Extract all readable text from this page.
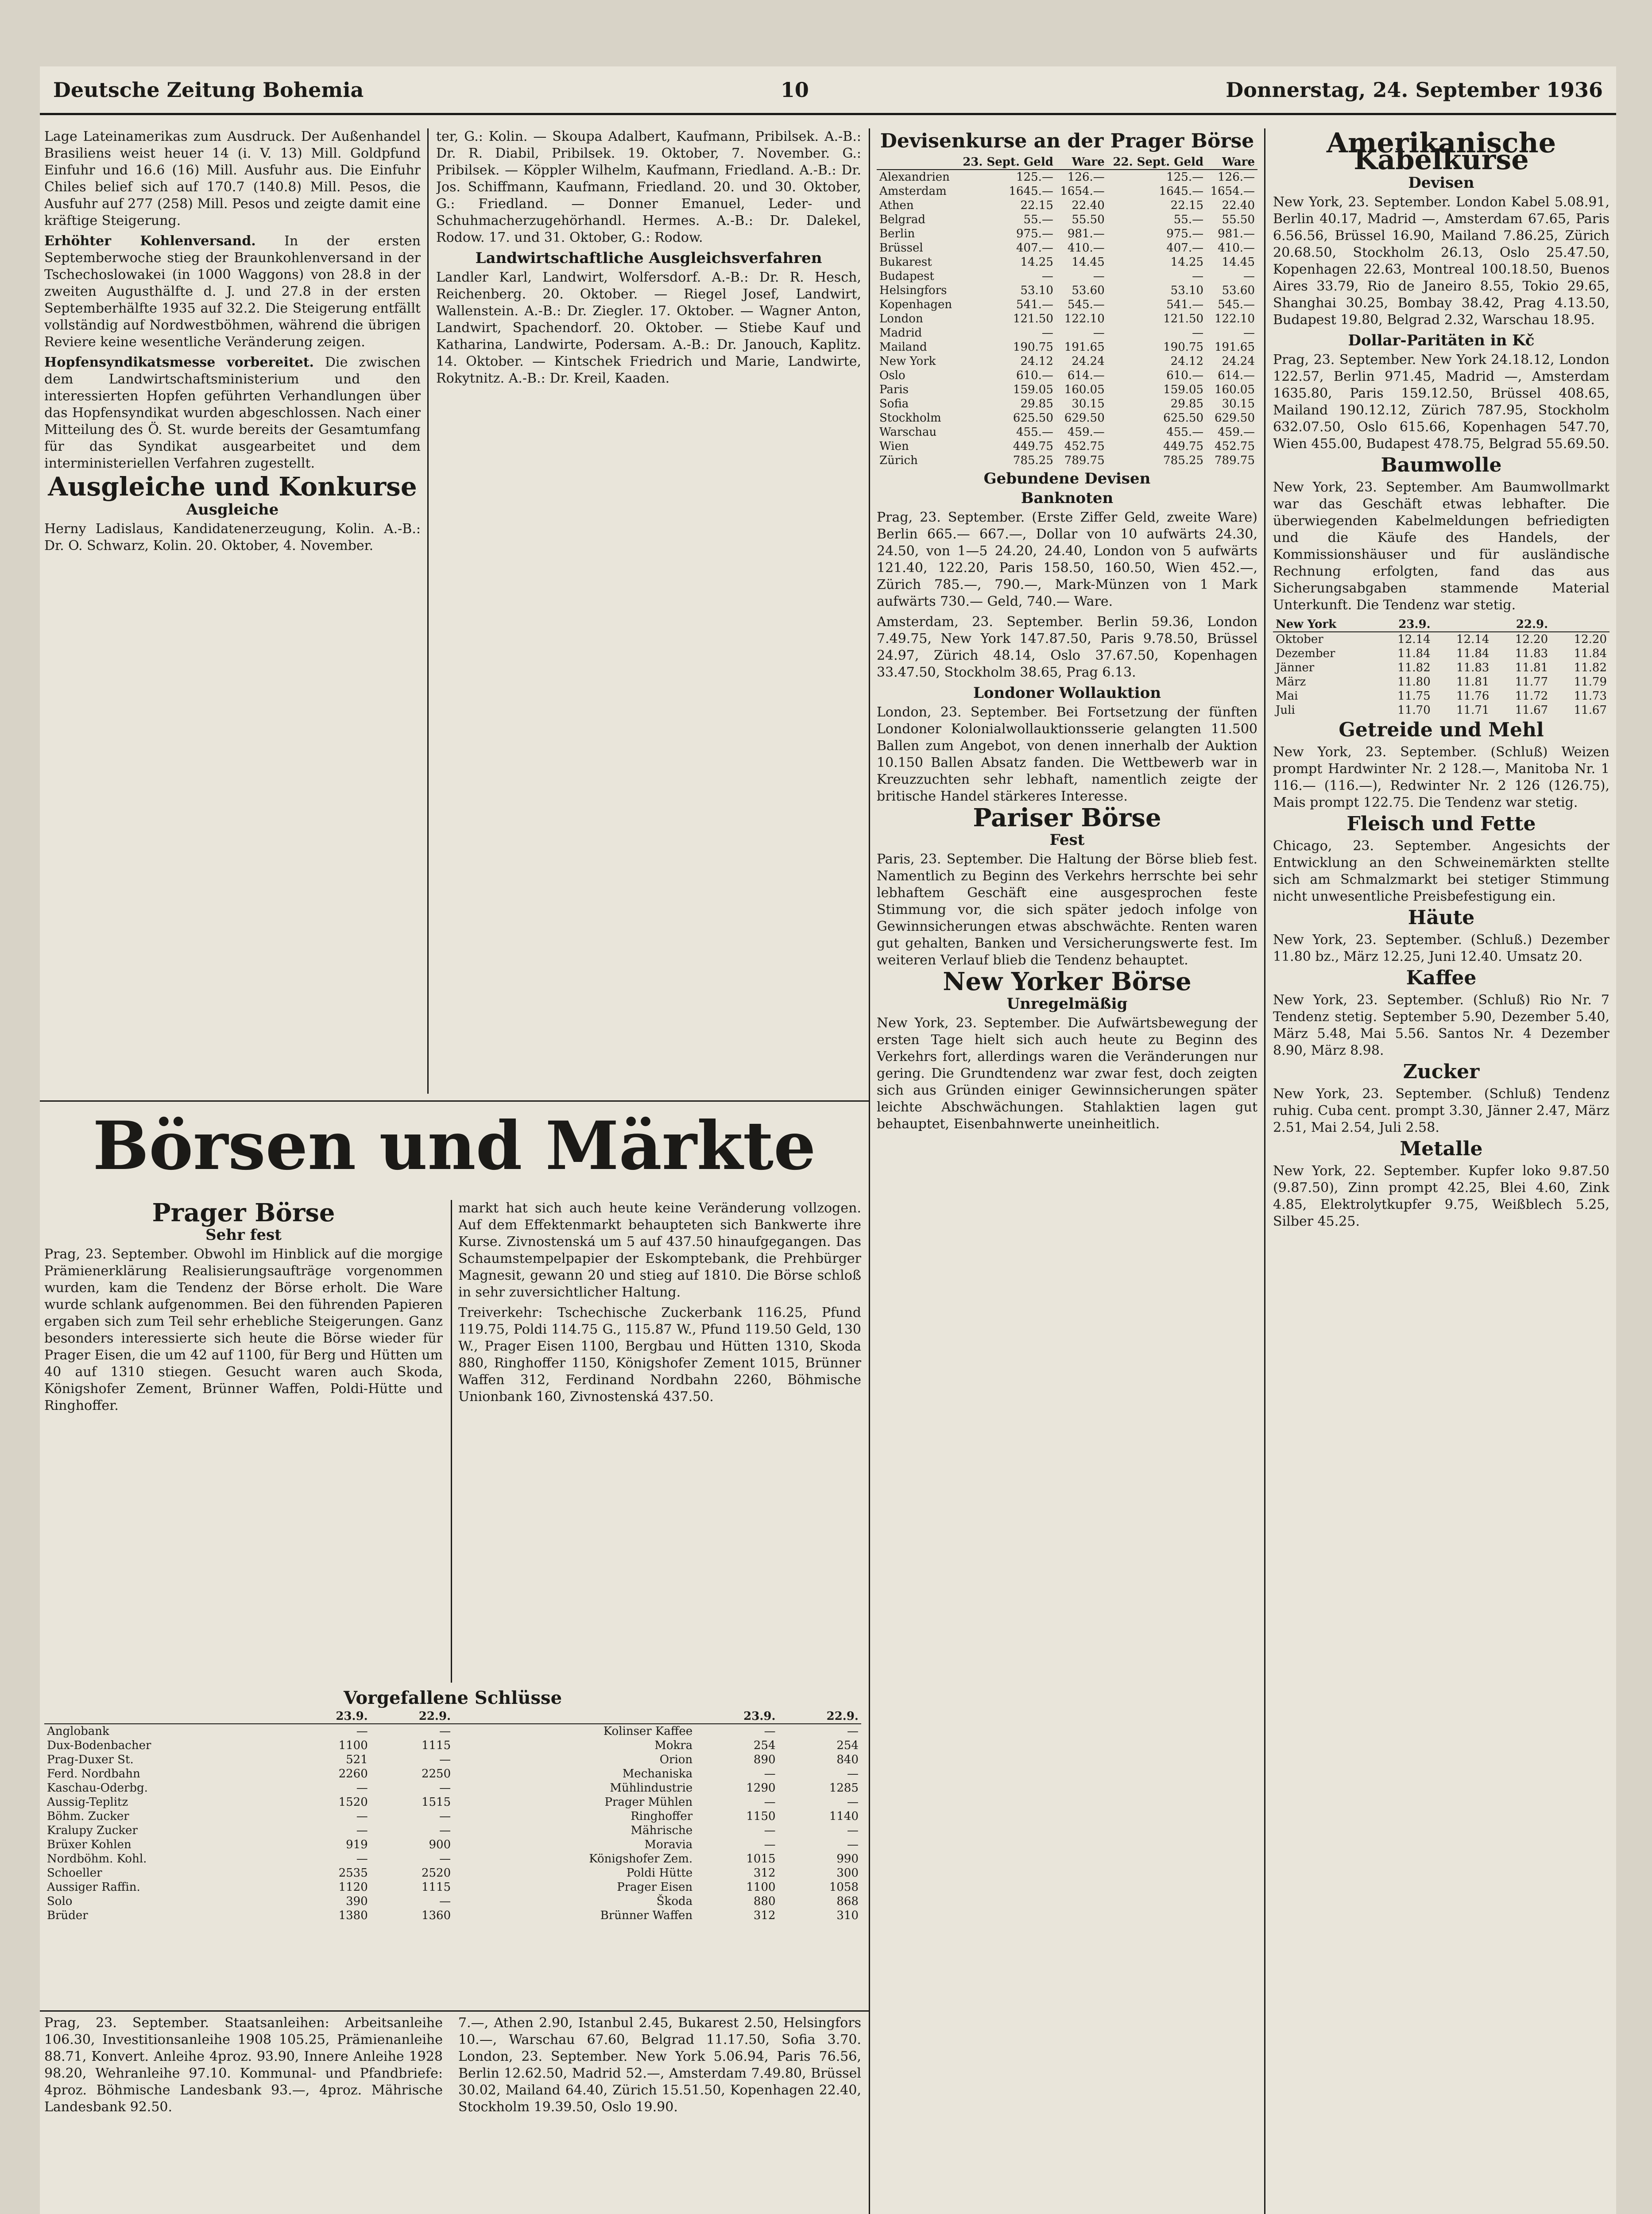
Deutsche Zeitung Bohemia	10	Donnerstag, 24. September 1936

Lage Lateinamerikas zum Ausdruck. Der Außenhandel Brasiliens weist heuer 14 (i. V. 13) Mill. Goldpfund Einfuhr und 16.6 (16) Mill. Ausfuhr aus. Die Einfuhr Chiles belief sich auf 170.7 (140.8) Mill. Pesos, die Ausfuhr auf 277 (258) Mill. Pesos und zeigte damit eine kräftige Steigerung.

Erhöhter Kohlenversand. In der ersten Septemberwoche stieg der Braunkohlenversand in der Tschechoslowakei (in 1000 Waggons) von 28.8 in der zweiten Augusthälfte d. J. und 27.8 in der ersten Septemberhälfte 1935 auf 32.2. Die Steigerung entfällt vollständig auf Nordwestböhmen, während die übrigen Reviere keine wesentliche Veränderung zeigen.

Hopfensyndikatsmesse vorbereitet. Die zwischen dem Landwirtschaftsministerium und den interessierten Hopfen geführten Verhandlungen über das Hopfensyndikat wurden abgeschlossen. Nach einer Mitteilung des Ö. St. wurde bereits der Gesamtumfang für das Syndikat ausgearbeitet und dem interministeriellen Verfahren zugestellt.

Ausgleiche und Konkurse
Ausgleiche

Herny Ladislaus, Kandidatenerzeugung, Kolin. A.-B.: Dr. O. Schwarz, Kolin. 20. Oktober, 4. November.

ter, G.: Kolin. — Skoupa Adalbert, Kaufmann, Pribilsek. A.-B.: Dr. R. Diabil, Pribilsek. 19. Oktober, 7. November. G.: Pribilsek. — Köppler Wilhelm, Kaufmann, Friedland. A.-B.: Dr. Jos. Schiffmann, Kaufmann, Friedland. 20. und 30. Oktober, G.: Friedland. — Donner Emanuel, Leder- und Schuhmacherzugehörhandl. Hermes. A.-B.: Dr. Dalekel, Rodow. 17. und 31. Oktober, G.: Rodow.

Landwirtschaftliche Ausgleichsverfahren

Landler Karl, Landwirt, Wolfersdorf. A.-B.: Dr. R. Hesch, Reichenberg. 20. Oktober. — Riegel Josef, Landwirt, Wallenstein. A.-B.: Dr. Ziegler. 17. Oktober. — Wagner Anton, Landwirt, Spachendorf. 20. Oktober. — Stiebe Kauf und Katharina, Landwirte, Podersam. A.-B.: Dr. Janouch, Kaplitz. 14. Oktober. — Kintschek Friedrich und Marie, Landwirte, Rokytnitz. A.-B.: Dr. Kreil, Kaaden.

Devisenkurse an der Prager Börse
	23. Sept. Geld	Ware	22. Sept. Geld	Ware
Alexandrien	125.—	126.—	125.—	126.—
Amsterdam	1645.—	1654.—	1645.—	1654.—
Athen	22.15	22.40	22.15	22.40
Belgrad	55.—	55.50	55.—	55.50
Berlin	975.—	981.—	975.—	981.—
Brüssel	407.—	410.—	407.—	410.—
Bukarest	14.25	14.45	14.25	14.45
Budapest	—	—	—	—
Helsingfors	53.10	53.60	53.10	53.60
Kopenhagen	541.—	545.—	541.—	545.—
London	121.50	122.10	121.50	122.10
Madrid	—	—	—	—
Mailand	190.75	191.65	190.75	191.65
New York	24.12	24.24	24.12	24.24
Oslo	610.—	614.—	610.—	614.—
Paris	159.05	160.05	159.05	160.05
Sofia	29.85	30.15	29.85	30.15
Stockholm	625.50	629.50	625.50	629.50
Warschau	455.—	459.—	455.—	459.—
Wien	449.75	452.75	449.75	452.75
Zürich	785.25	789.75	785.25	789.75
Gebundene Devisen
Banknoten

Prag, 23. September. (Erste Ziffer Geld, zweite Ware) Berlin 665.— 667.—, Dollar von 10 aufwärts 24.30, 24.50, von 1—5 24.20, 24.40, London von 5 aufwärts 121.40, 122.20, Paris 158.50, 160.50, Wien 452.—, Zürich 785.—, 790.—, Mark-Münzen von 1 Mark aufwärts 730.— Geld, 740.— Ware.

Amsterdam, 23. September. Berlin 59.36, London 7.49.75, New York 147.87.50, Paris 9.78.50, Brüssel 24.97, Zürich 48.14, Oslo 37.67.50, Kopenhagen 33.47.50, Stockholm 38.65, Prag 6.13.

Londoner Wollauktion

London, 23. September. Bei Fortsetzung der fünften Londoner Kolonialwollauktionsserie gelangten 11.500 Ballen zum Angebot, von denen innerhalb der Auktion 10.150 Ballen Absatz fanden. Die Wettbewerb war in Kreuzzuchten sehr lebhaft, namentlich zeigte der britische Handel stärkeres Interesse.

Pariser Börse
Fest

Paris, 23. September. Die Haltung der Börse blieb fest. Namentlich zu Beginn des Verkehrs herrschte bei sehr lebhaftem Geschäft eine ausgesprochen feste Stimmung vor, die sich später jedoch infolge von Gewinnsicherungen etwas abschwächte. Renten waren gut gehalten, Banken und Versicherungswerte fest. Im weiteren Verlauf blieb die Tendenz behauptet.

New Yorker Börse
Unregelmäßig

New York, 23. September. Die Aufwärtsbewegung der ersten Tage hielt sich auch heute zu Beginn des Verkehrs fort, allerdings waren die Veränderungen nur gering. Die Grundtendenz war zwar fest, doch zeigten sich aus Gründen einiger Gewinnsicherungen später leichte Abschwächungen. Stahlaktien lagen gut behauptet, Eisenbahnwerte uneinheitlich.

Amerikanische Kabelkurse
Devisen

New York, 23. September. London Kabel 5.08.91, Berlin 40.17, Madrid —, Amsterdam 67.65, Paris 6.56.56, Brüssel 16.90, Mailand 7.86.25, Zürich 20.68.50, Stockholm 26.13, Oslo 25.47.50, Kopenhagen 22.63, Montreal 100.18.50, Buenos Aires 33.79, Rio de Janeiro 8.55, Tokio 29.65, Shanghai 30.25, Bombay 38.42, Prag 4.13.50, Budapest 19.80, Belgrad 2.32, Warschau 18.95.

Dollar-Paritäten in Kč

Prag, 23. September. New York 24.18.12, London 122.57, Berlin 971.45, Madrid —, Amsterdam 1635.80, Paris 159.12.50, Brüssel 408.65, Mailand 190.12.12, Zürich 787.95, Stockholm 632.07.50, Oslo 615.66, Kopenhagen 547.70, Wien 455.00, Budapest 478.75, Belgrad 55.69.50.

Baumwolle

New York, 23. September. Am Baumwollmarkt war das Geschäft etwas lebhafter. Die überwiegenden Kabelmeldungen befriedigten und die Käufe des Handels, der Kommissionshäuser und für ausländische Rechnung erfolgten, fand das aus Sicherungsabgaben stammende Material Unterkunft. Die Tendenz war stetig.

New York	23.9.		22.9.	
Oktober	12.14	12.14	12.20	12.20
Dezember	11.84	11.84	11.83	11.84
Jänner	11.82	11.83	11.81	11.82
März	11.80	11.81	11.77	11.79
Mai	11.75	11.76	11.72	11.73
Juli	11.70	11.71	11.67	11.67
Getreide und Mehl

New York, 23. September. (Schluß) Weizen prompt Hardwinter Nr. 2 128.—, Manitoba Nr. 1 116.— (116.—), Redwinter Nr. 2 126 (126.75), Mais prompt 122.75. Die Tendenz war stetig.

Fleisch und Fette

Chicago, 23. September. Angesichts der Entwicklung an den Schweinemärkten stellte sich am Schmalzmarkt bei stetiger Stimmung nicht unwesentliche Preisbefestigung ein.

Häute

New York, 23. September. (Schluß.) Dezember 11.80 bz., März 12.25, Juni 12.40. Umsatz 20.

Kaffee

New York, 23. September. (Schluß) Rio Nr. 7 Tendenz stetig. September 5.90, Dezember 5.40, März 5.48, Mai 5.56. Santos Nr. 4 Dezember 8.90, März 8.98.

Zucker

New York, 23. September. (Schluß) Tendenz ruhig. Cuba cent. prompt 3.30, Jänner 2.47, März 2.51, Mai 2.54, Juli 2.58.

Metalle

New York, 22. September. Kupfer loko 9.87.50 (9.87.50), Zinn prompt 42.25, Blei 4.60, Zink 4.85, Elektrolytkupfer 9.75, Weißblech 5.25, Silber 45.25.

Börsen und Märkte
Prager Börse
Sehr fest

Prag, 23. September. Obwohl im Hinblick auf die morgige Prämienerklärung Realisierungsaufträge vorgenommen wurden, kam die Tendenz der Börse erholt. Die Ware wurde schlank aufgenommen. Bei den führenden Papieren ergaben sich zum Teil sehr erhebliche Steigerungen. Ganz besonders interessierte sich heute die Börse wieder für Prager Eisen, die um 42 auf 1100, für Berg und Hütten um 40 auf 1310 stiegen. Gesucht waren auch Skoda, Königshofer Zement, Brünner Waffen, Poldi-Hütte und Ringhoffer.

markt hat sich auch heute keine Veränderung vollzogen. Auf dem Effektenmarkt behaupteten sich Bankwerte ihre Kurse. Zivnostenská um 5 auf 437.50 hinaufgegangen. Das Schaumstempelpapier der Eskomptebank, die Prehbürger Magnesit, gewann 20 und stieg auf 1810. Die Börse schloß in sehr zuversichtlicher Haltung.

Treiverkehr: Tschechische Zuckerbank 116.25, Pfund 119.75, Poldi 114.75 G., 115.87 W., Pfund 119.50 Geld, 130 W., Prager Eisen 1100, Bergbau und Hütten 1310, Skoda 880, Ringhoffer 1150, Königshofer Zement 1015, Brünner Waffen 312, Ferdinand Nordbahn 2260, Böhmische Unionbank 160, Zivnostenská 437.50.

Vorgefallene Schlüsse
	23.9.	22.9.		23.9.	22.9.
Anglobank	—	—	Kolinser Kaffee	—	—
Dux-Bodenbacher	1100	1115	Mokra	254	254
Prag-Duxer St.	521	—	Orion	890	840
Ferd. Nordbahn	2260	2250	Mechaniska	—	—
Kaschau-Oderbg.	—	—	Mühlindustrie	1290	1285
Aussig-Teplitz	1520	1515	Prager Mühlen	—	—
Böhm. Zucker	—	—	Ringhoffer	1150	1140
Kralupy Zucker	—	—	Mährische	—	—
Brüxer Kohlen	919	900	Moravia	—	—
Nordböhm. Kohl.	—	—	Königshofer Zem.	1015	990
Schoeller	2535	2520	Poldi Hütte	312	300
Aussiger Raffin.	1120	1115	Prager Eisen	1100	1058
Solo	390	—	Škoda	880	868
Brüder	1380	1360	Brünner Waffen	312	310

Prag, 23. September. Staatsanleihen: Arbeitsanleihe 106.30, Investitionsanleihe 1908 105.25, Prämienanleihe 88.71, Konvert. Anleihe 4proz. 93.90, Innere Anleihe 1928 98.20, Wehranleihe 97.10. Kommunal- und Pfandbriefe: 4proz. Böhmische Landesbank 93.—, 4proz. Mährische Landesbank 92.50.

7.—, Athen 2.90, Istanbul 2.45, Bukarest 2.50, Helsingfors 10.—, Warschau 67.60, Belgrad 11.17.50, Sofia 3.70. London, 23. September. New York 5.06.94, Paris 76.56, Berlin 12.62.50, Madrid 52.—, Amsterdam 7.49.80, Brüssel 30.02, Mailand 64.40, Zürich 15.51.50, Kopenhagen 22.40, Stockholm 19.39.50, Oslo 19.90.
